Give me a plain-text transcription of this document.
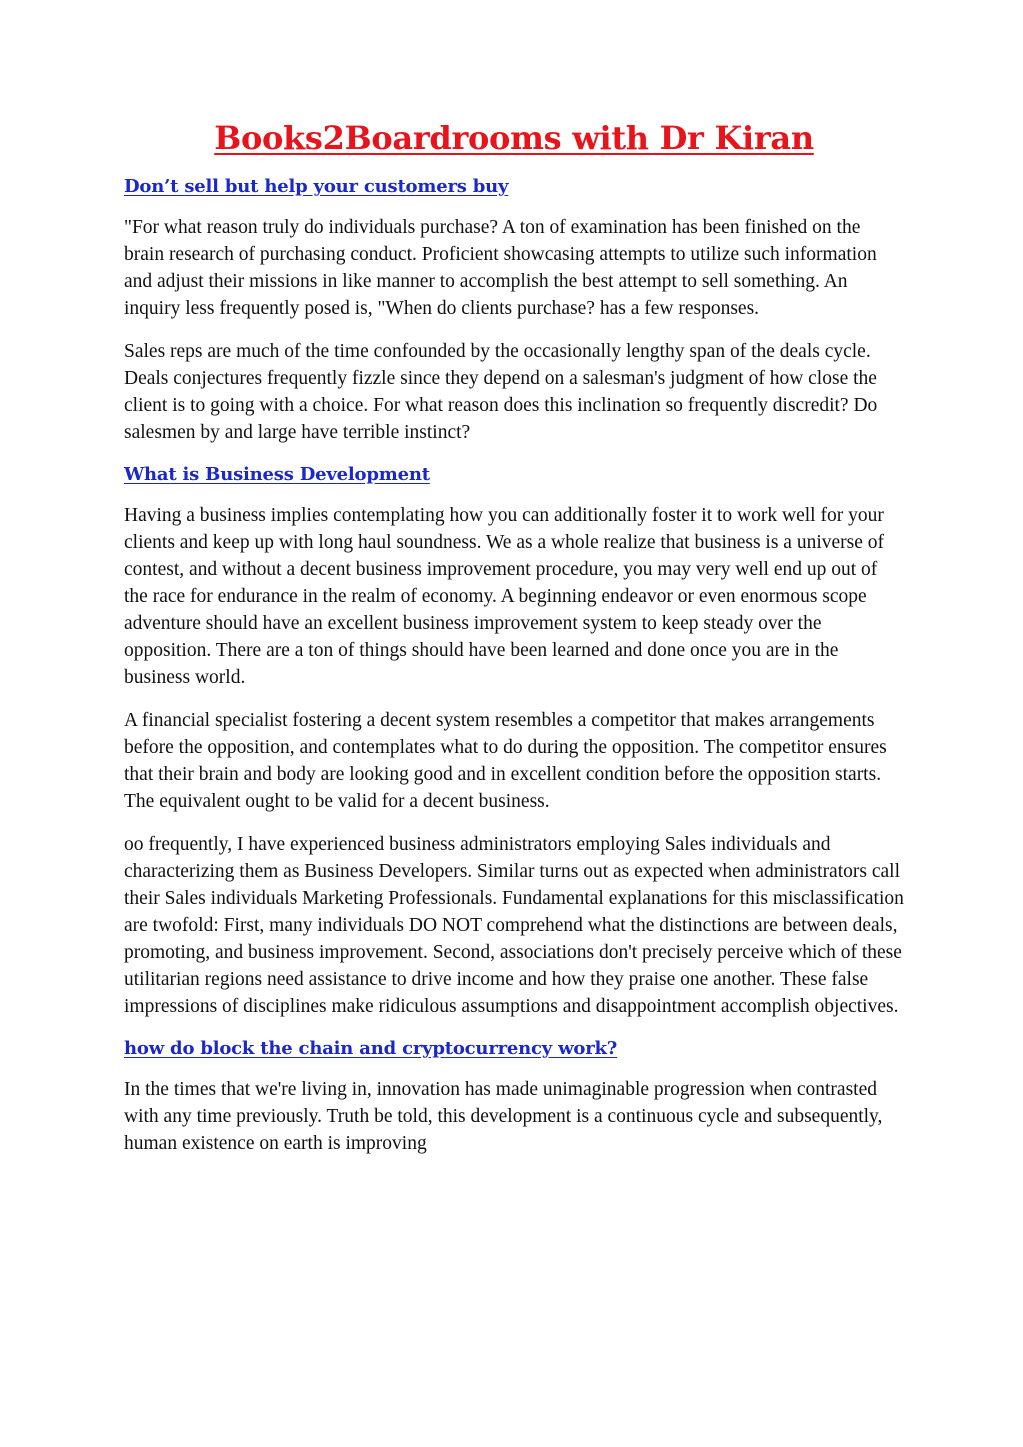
Books2Boardrooms with Dr Kiran
Don’t sell but help your customers buy

"For what reason truly do individuals purchase? A ton of examination has been finished on the brain research of purchasing conduct. Proficient showcasing attempts to utilize such information and adjust their missions in like manner to accomplish the best attempt to sell something. An inquiry less frequently posed is, "When do clients purchase? has a few responses.

Sales reps are much of the time confounded by the occasionally lengthy span of the deals cycle. Deals conjectures frequently fizzle since they depend on a salesman's judgment of how close the client is to going with a choice. For what reason does this inclination so frequently discredit? Do salesmen by and large have terrible instinct?

What is Business Development

Having a business implies contemplating how you can additionally foster it to work well for your clients and keep up with long haul soundness. We as a whole realize that business is a universe of contest, and without a decent business improvement procedure, you may very well end up out of the race for endurance in the realm of economy. A beginning endeavor or even enormous scope adventure should have an excellent business improvement system to keep steady over the opposition. There are a ton of things should have been learned and done once you are in the business world.

A financial specialist fostering a decent system resembles a competitor that makes arrangements before the opposition, and contemplates what to do during the opposition. The competitor ensures that their brain and body are looking good and in excellent condition before the opposition starts. The equivalent ought to be valid for a decent business.

oo frequently, I have experienced business administrators employing Sales individuals and characterizing them as Business Developers. Similar turns out as expected when administrators call their Sales individuals Marketing Professionals. Fundamental explanations for this misclassification are twofold: First, many individuals DO NOT comprehend what the distinctions are between deals, promoting, and business improvement. Second, associations don't precisely perceive which of these utilitarian regions need assistance to drive income and how they praise one another. These false impressions of disciplines make ridiculous assumptions and disappointment accomplish objectives.

how do block the chain and cryptocurrency work?

In the times that we're living in, innovation has made unimaginable progression when contrasted with any time previously. Truth be told, this development is a continuous cycle and subsequently, human existence on earth is improving
